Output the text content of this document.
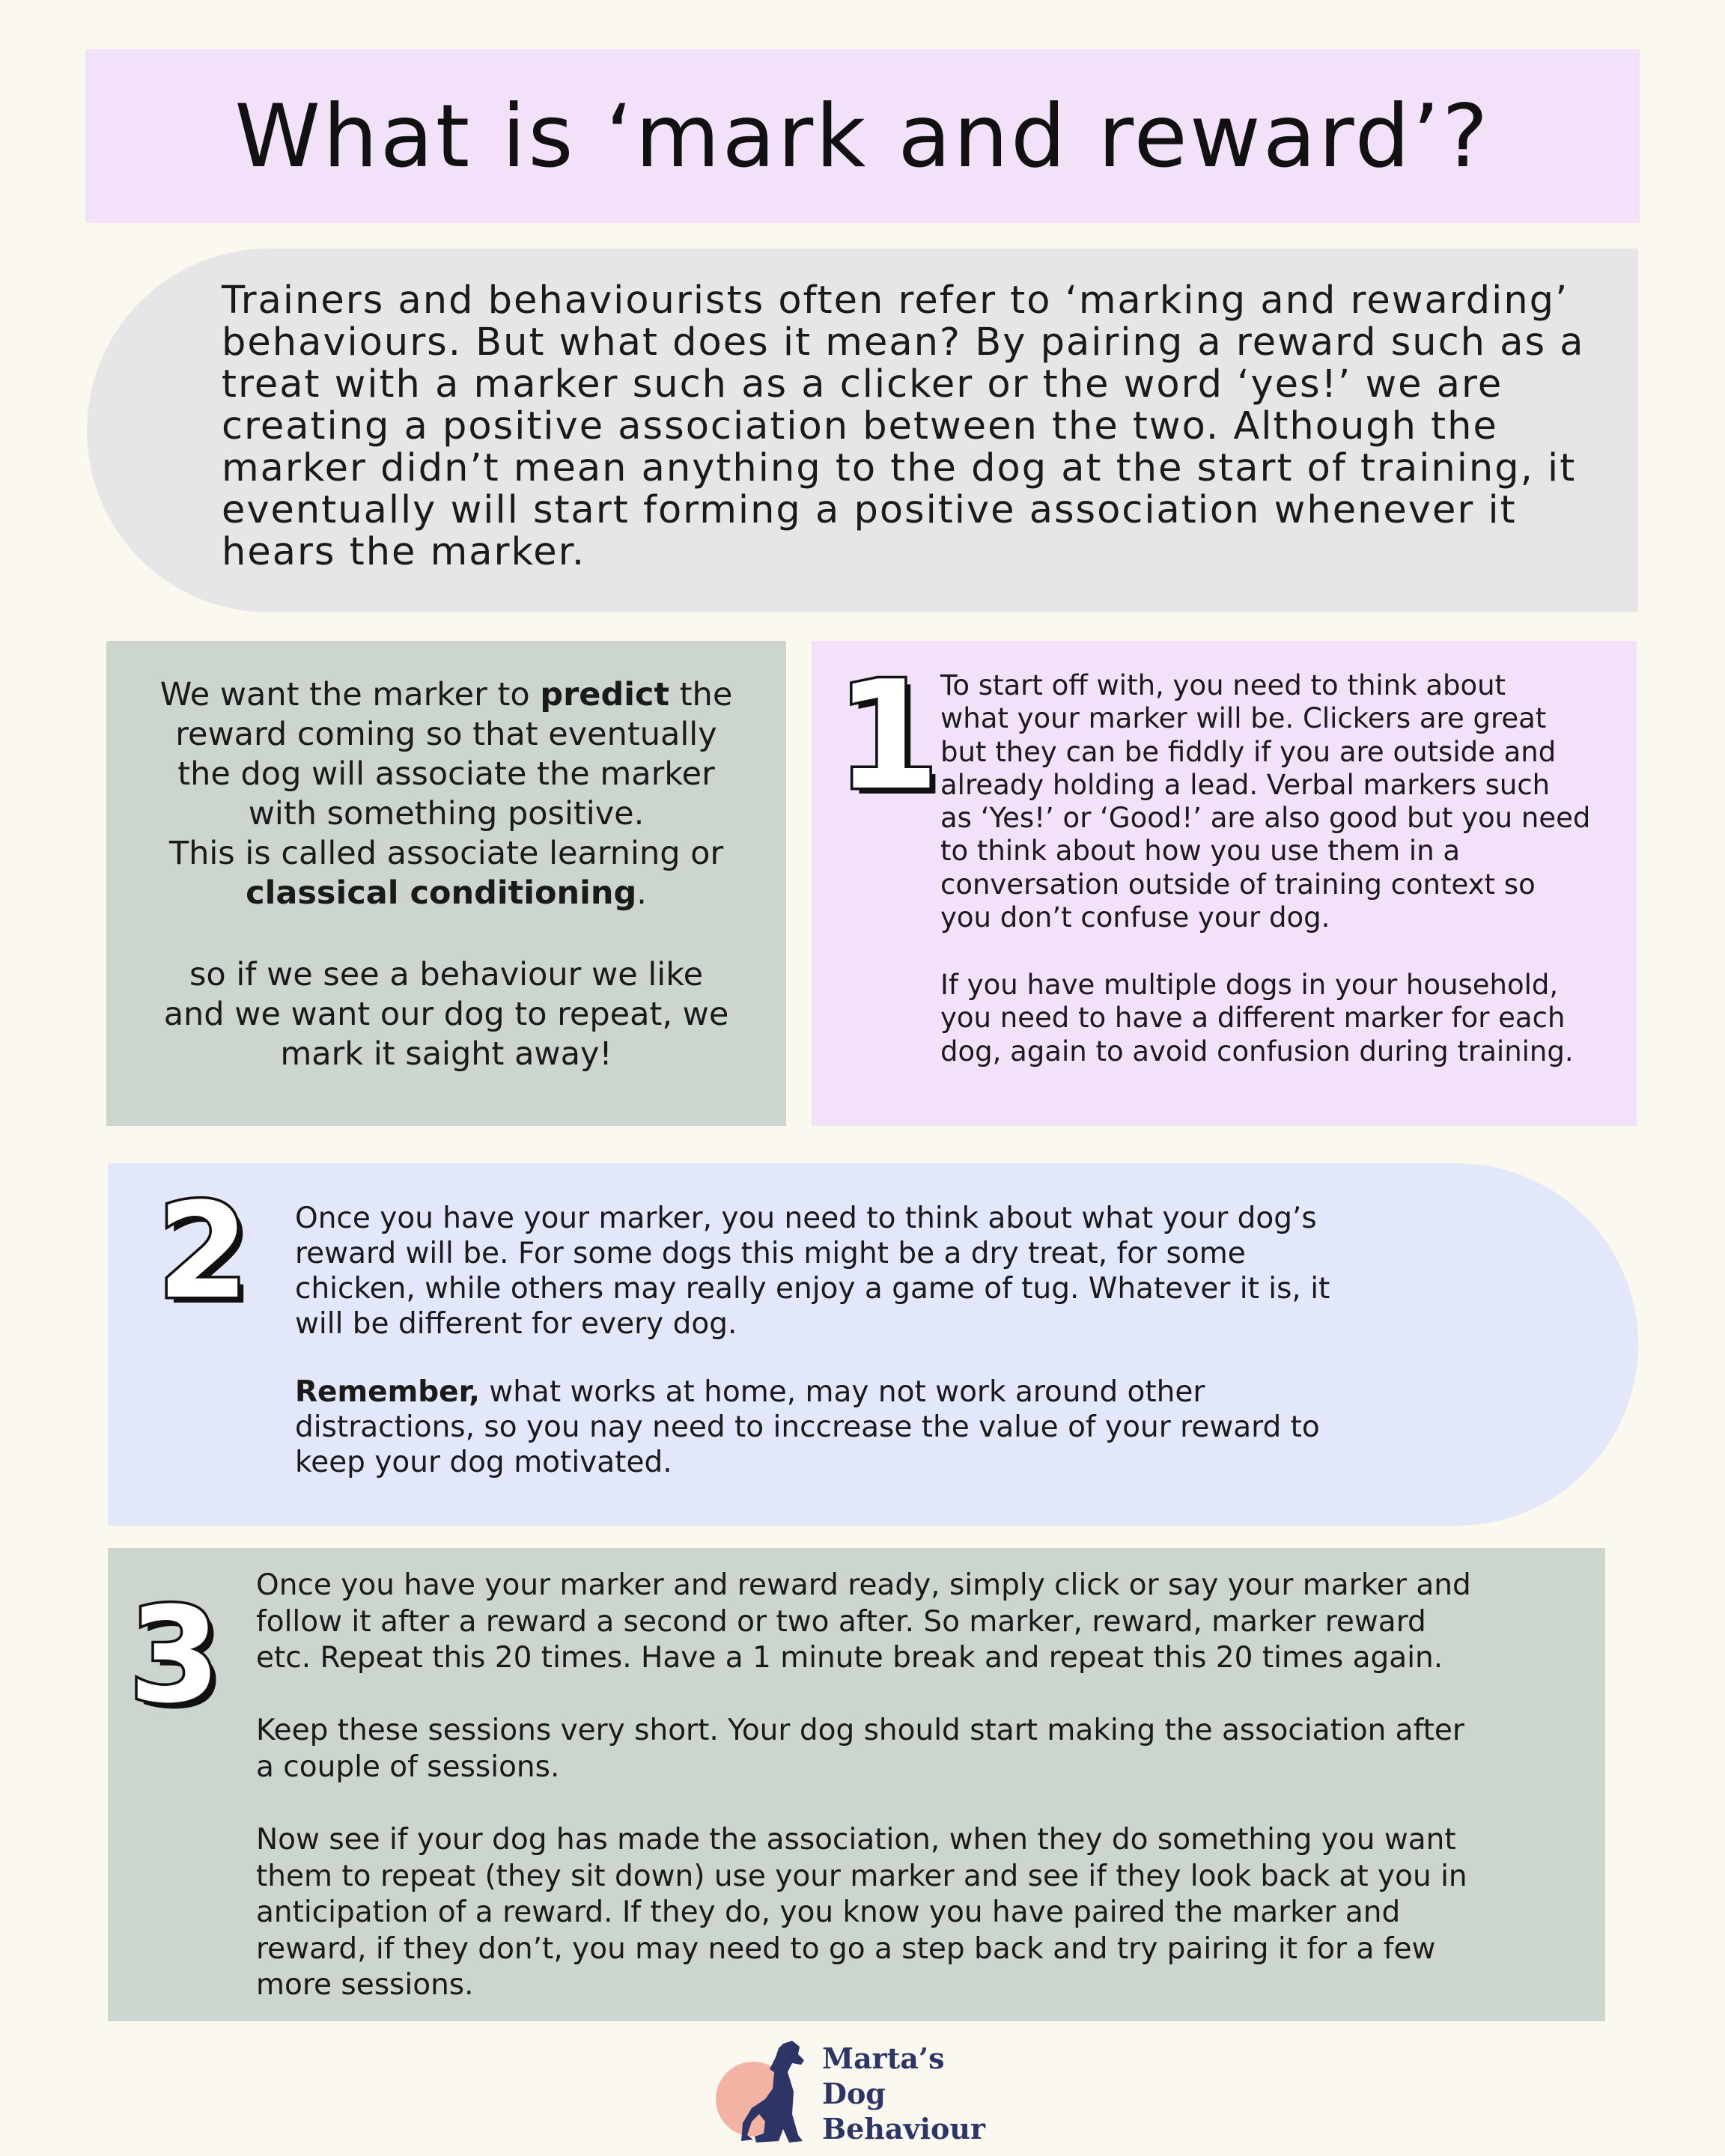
What is ‘mark and reward’?

Trainers and behaviourists often refer to ‘marking and rewarding’
behaviours. But what does it mean? By pairing a reward such as a
treat with a marker such as a clicker or the word ‘yes!’ we are
creating a positive association between the two. Although the
marker didn’t mean anything to the dog at the start of training, it
eventually will start forming a positive association whenever it
hears the marker.

We want the marker to predict the
reward coming so that eventually
the dog will associate the marker
with something positive.
This is called associate learning or
classical conditioning.
so if we see a behaviour we like
and we want our dog to repeat, we
mark it saight away!
1 To start off with, you need to think about
what your marker will be. Clickers are great
but they can be fiddly if you are outside and
already holding a lead. Verbal markers such
as ‘Yes!’ or ‘Good!’ are also good but you need
to think about how you use them in a
conversation outside of training context so
you don’t confuse your dog.
If you have multiple dogs in your household,
you need to have a different marker for each
dog, again to avoid confusion during training.
2 Once you have your marker, you need to think about what your dog’s
reward will be. For some dogs this might be a dry treat, for some
chicken, while others may really enjoy a game of tug. Whatever it is, it
will be different for every dog.
Remember, what works at home, may not work around other
distractions, so you nay need to inccrease the value of your reward to
keep your dog motivated.
3 Once you have your marker and reward ready, simply click or say your marker and
follow it after a reward a second or two after. So marker, reward, marker reward
etc. Repeat this 20 times. Have a 1 minute break and repeat this 20 times again.
Keep these sessions very short. Your dog should start making the association after
a couple of sessions.
Now see if your dog has made the association, when they do something you want
them to repeat (they sit down) use your marker and see if they look back at you in
anticipation of a reward. If they do, you know you have paired the marker and
reward, if they don’t, you may need to go a step back and try pairing it for a few
more sessions.
Marta’s
Dog
Behaviour
